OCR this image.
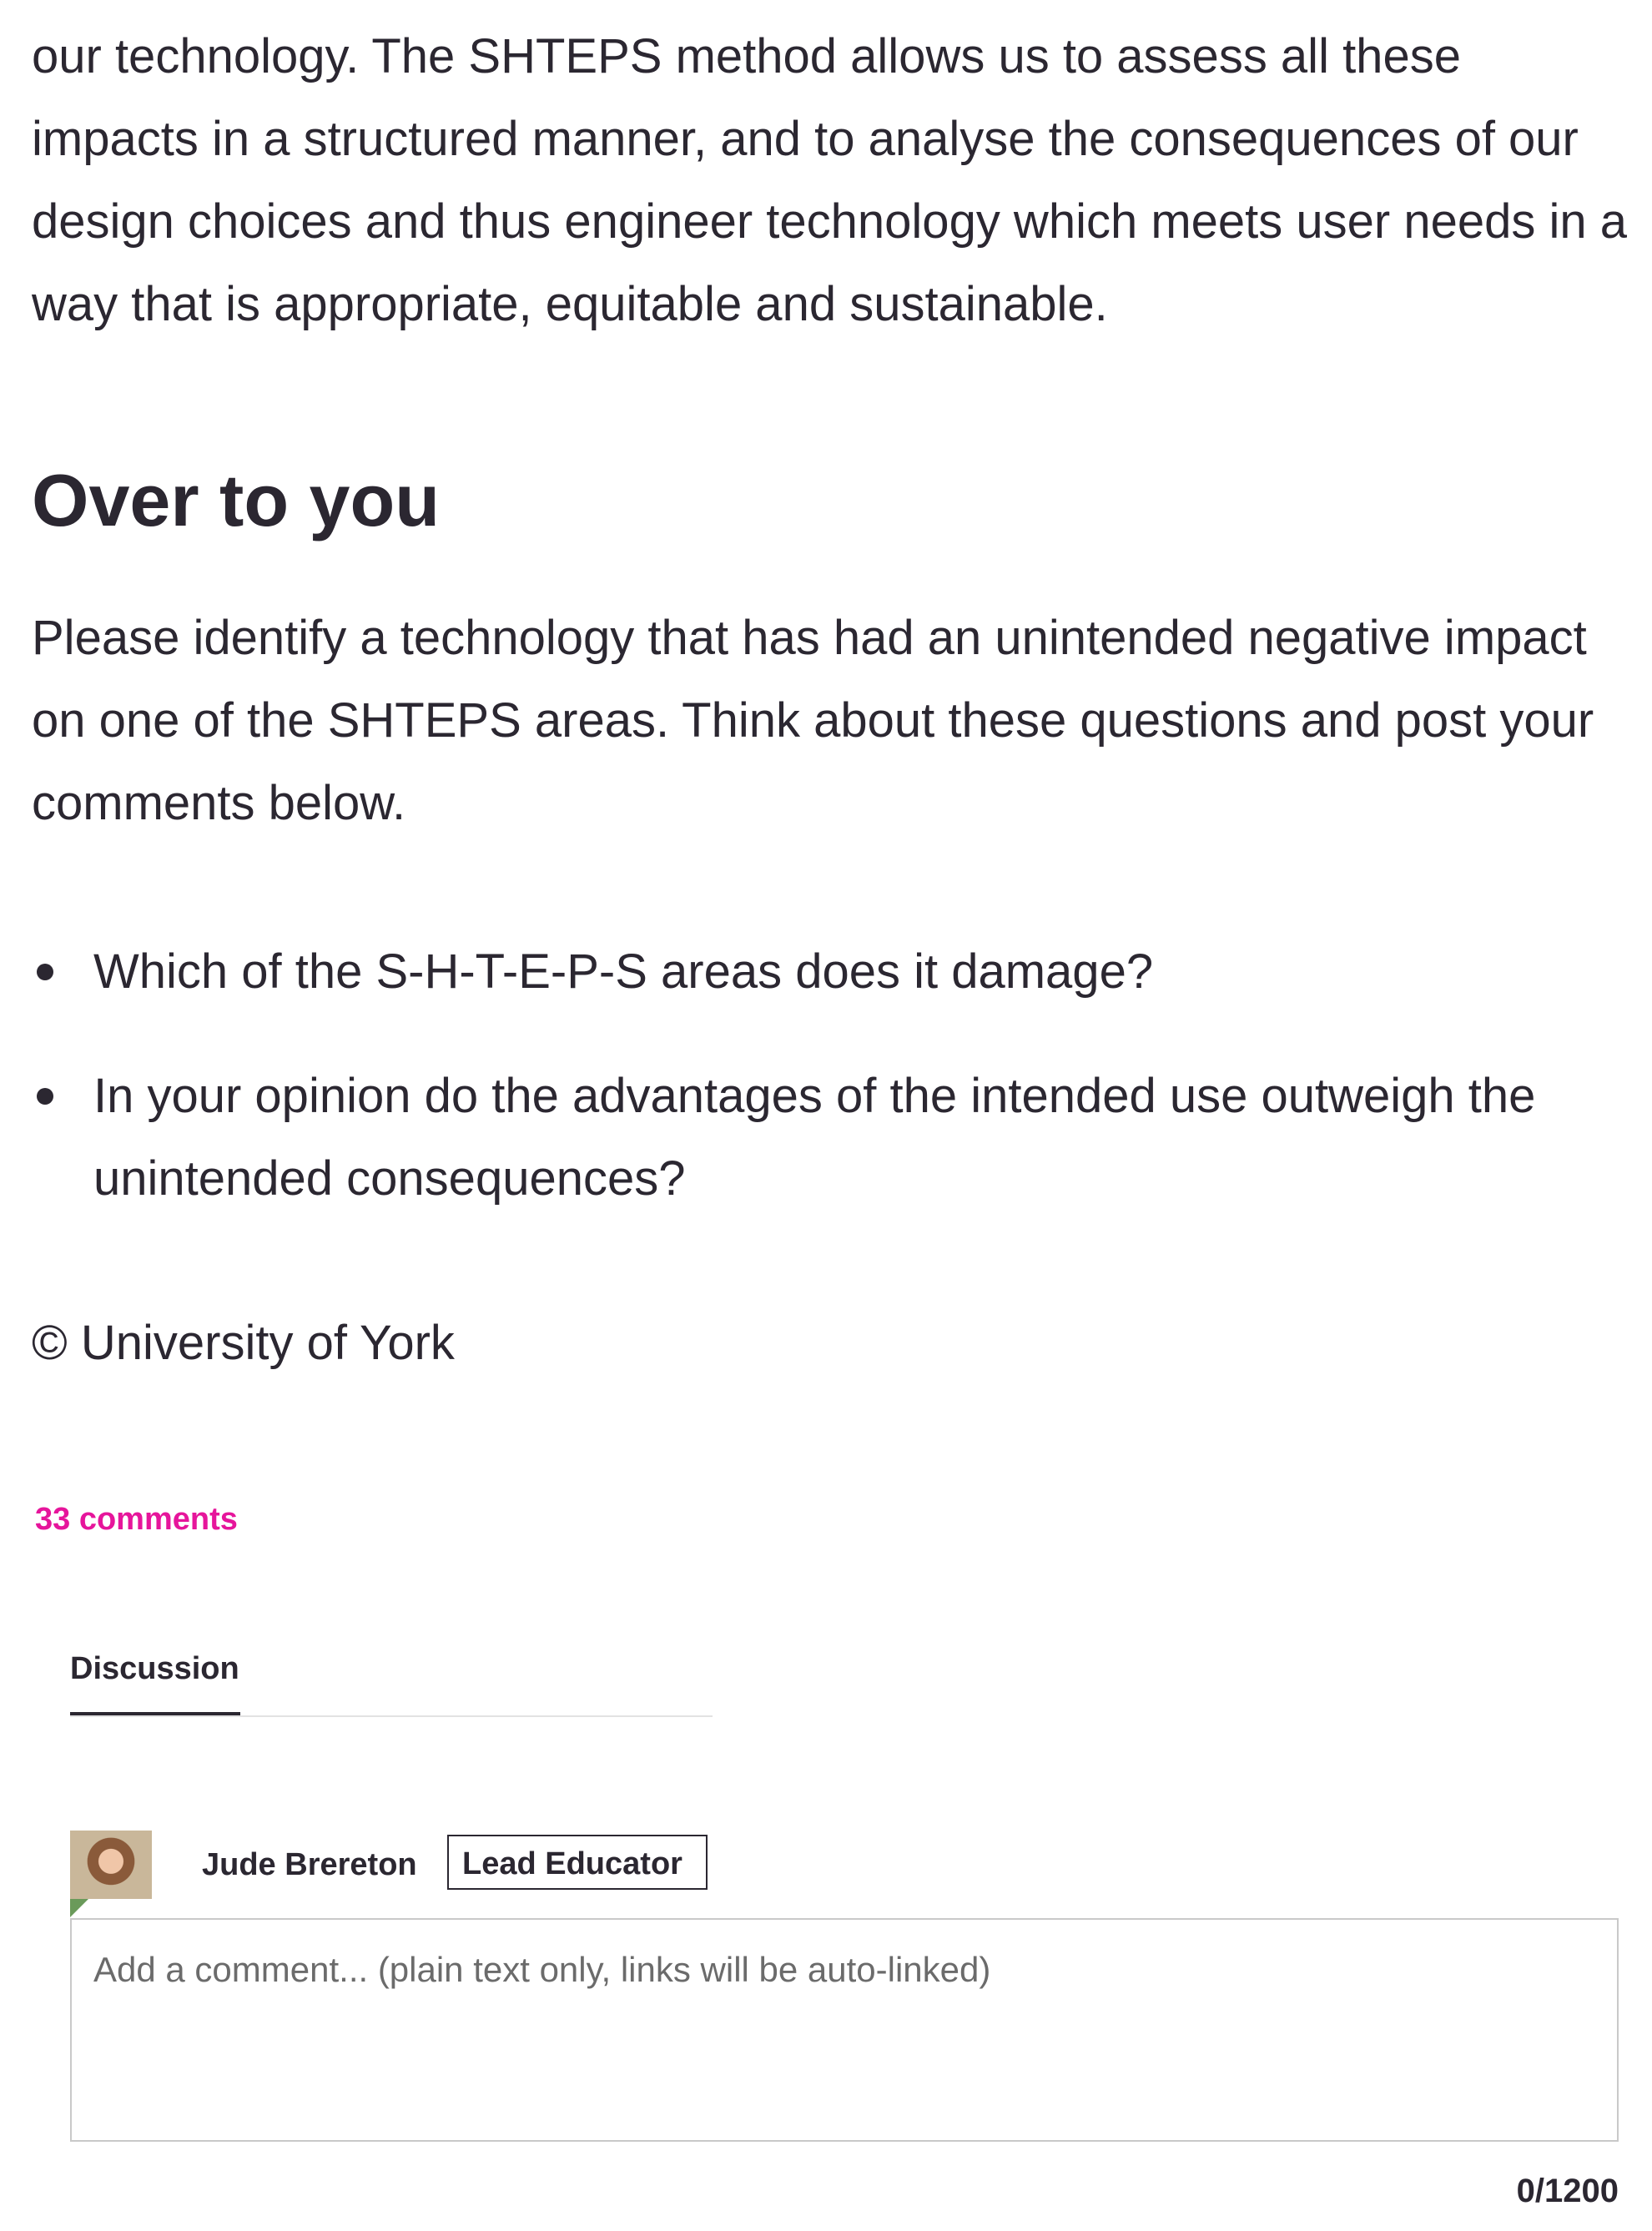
our technology. The SHTEPS method allows us to assess all these impacts in a structured manner, and to analyse the consequences of our design choices and thus engineer technology which meets user needs in a way that is appropriate, equitable and sustainable.

Over to you

Please identify a technology that has had an unintended negative impact on one of the SHTEPS areas. Think about these questions and post your comments below.

Which of the S-H-T-E-P-S areas does it damage?
In your opinion do the advantages of the intended use outweigh the unintended consequences?

© University of York

33 comments
Discussion
Jude Brereton	Lead Educator
Add a comment... (plain text only, links will be auto-linked)
0/1200
